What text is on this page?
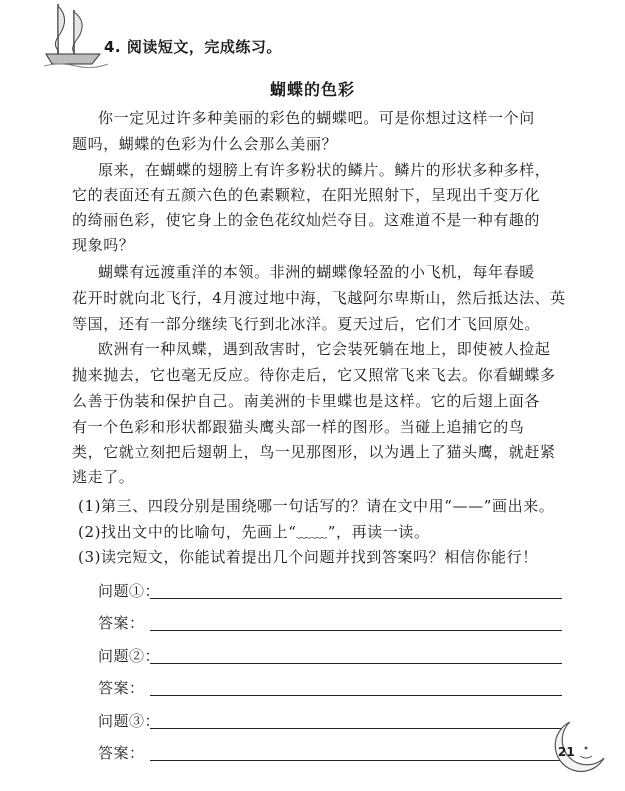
4. 阅读短文，完成练习。
蝴蝶的色彩
你一定见过许多种美丽的彩色的蝴蝶吧。可是你想过这样一个问
题吗，蝴蝶的色彩为什么会那么美丽？
原来，在蝴蝶的翅膀上有许多粉状的鳞片。鳞片的形状多种多样，
它的表面还有五颜六色的色素颗粒，在阳光照射下，呈现出千变万化
的绮丽色彩，使它身上的金色花纹灿烂夺目。这难道不是一种有趣的
现象吗？
蝴蝶有远渡重洋的本领。非洲的蝴蝶像轻盈的小飞机，每年春暖
花开时就向北飞行，4月渡过地中海，飞越阿尔卑斯山，然后抵达法、英
等国，还有一部分继续飞行到北冰洋。夏天过后，它们才飞回原处。
欧洲有一种凤蝶，遇到敌害时，它会装死躺在地上，即使被人捡起
抛来抛去，它也毫无反应。待你走后，它又照常飞来飞去。你看蝴蝶多
么善于伪装和保护自己。南美洲的卡里蝶也是这样。它的后翅上面各
有一个色彩和形状都跟猫头鹰头部一样的图形。当碰上追捕它的鸟
类，它就立刻把后翅朝上，鸟一见那图形，以为遇上了猫头鹰，就赶紧
逃走了。
(1)第三、四段分别是围绕哪一句话写的？请在文中用“——”画出来。
(2)找出文中的比喻句，先画上“﹏﹏”，再读一读。
(3)读完短文，你能试着提出几个问题并找到答案吗？相信你能行！
问题①：
答案：
问题②：
答案：
问题③：
答案：	21
